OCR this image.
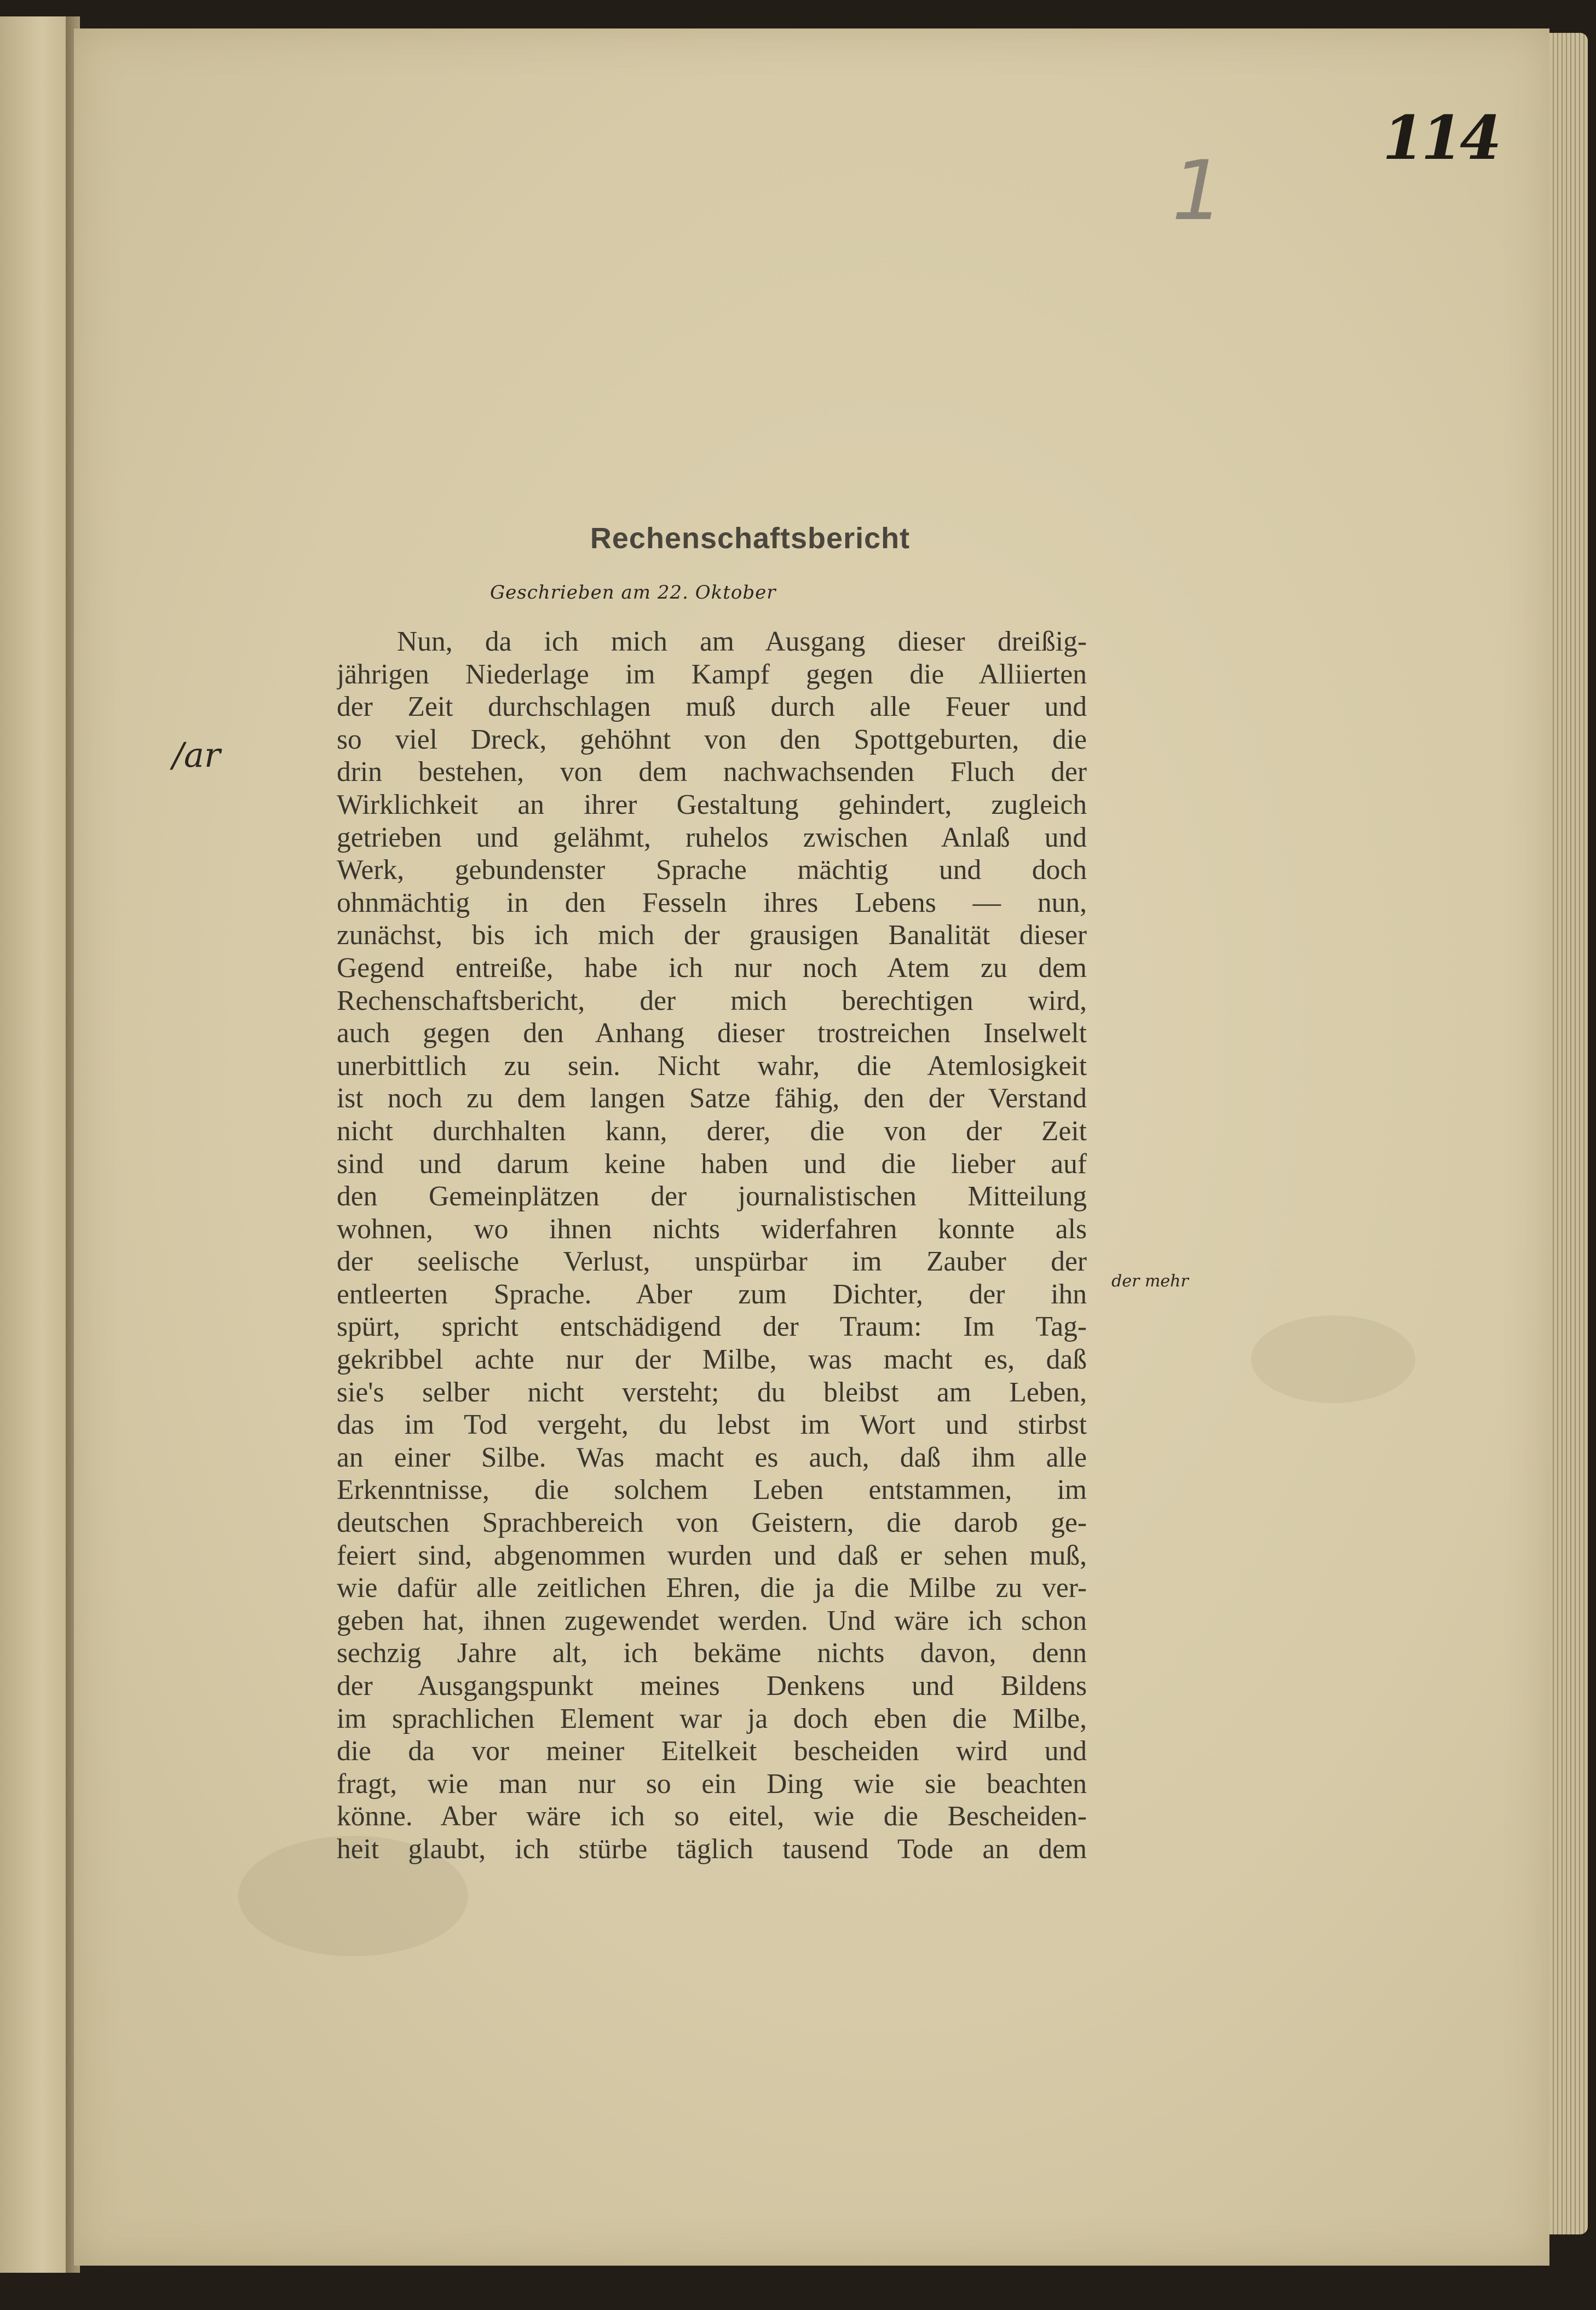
114
1
Geschrieben am 22. Oktober
/ar
der mehr
Rechenschaftsbericht
Nun, da ich mich am Ausgang dieser dreißig-
jährigen Niederlage im Kampf gegen die Alliierten
der Zeit durchschlagen muß durch alle Feuer und
so viel Dreck, gehöhnt von den Spottgeburten, die
drin bestehen, von dem nachwachsenden Fluch der
Wirklichkeit an ihrer Gestaltung gehindert, zugleich
getrieben und gelähmt, ruhelos zwischen Anlaß und
Werk, gebundenster Sprache mächtig und doch
ohnmächtig in den Fesseln ihres Lebens — nun,
zunächst, bis ich mich der grausigen Banalität dieser
Gegend entreiße, habe ich nur noch Atem zu dem
Rechenschaftsbericht, der mich berechtigen wird,
auch gegen den Anhang dieser trostreichen Inselwelt
unerbittlich zu sein. Nicht wahr, die Atemlosigkeit
ist noch zu dem langen Satze fähig, den der Verstand
nicht durchhalten kann, derer, die von der Zeit
sind und darum keine haben und die lieber auf
den Gemeinplätzen der journalistischen Mitteilung
wohnen, wo ihnen nichts widerfahren konnte als
der seelische Verlust, unspürbar im Zauber der
entleerten Sprache. Aber zum Dichter, der ihn
spürt, spricht entschädigend der Traum: Im Tag-
gekribbel achte nur der Milbe, was macht es, daß
sie's selber nicht versteht; du bleibst am Leben,
das im Tod vergeht, du lebst im Wort und stirbst
an einer Silbe. Was macht es auch, daß ihm alle
Erkenntnisse, die solchem Leben entstammen, im
deutschen Sprachbereich von Geistern, die darob ge-
feiert sind, abgenommen wurden und daß er sehen muß,
wie dafür alle zeitlichen Ehren, die ja die Milbe zu ver-
geben hat, ihnen zugewendet werden. Und wäre ich schon
sechzig Jahre alt, ich bekäme nichts davon, denn
der Ausgangspunkt meines Denkens und Bildens
im sprachlichen Element war ja doch eben die Milbe,
die da vor meiner Eitelkeit bescheiden wird und
fragt, wie man nur so ein Ding wie sie beachten
könne. Aber wäre ich so eitel, wie die Bescheiden-
heit glaubt, ich stürbe täglich tausend Tode an dem
